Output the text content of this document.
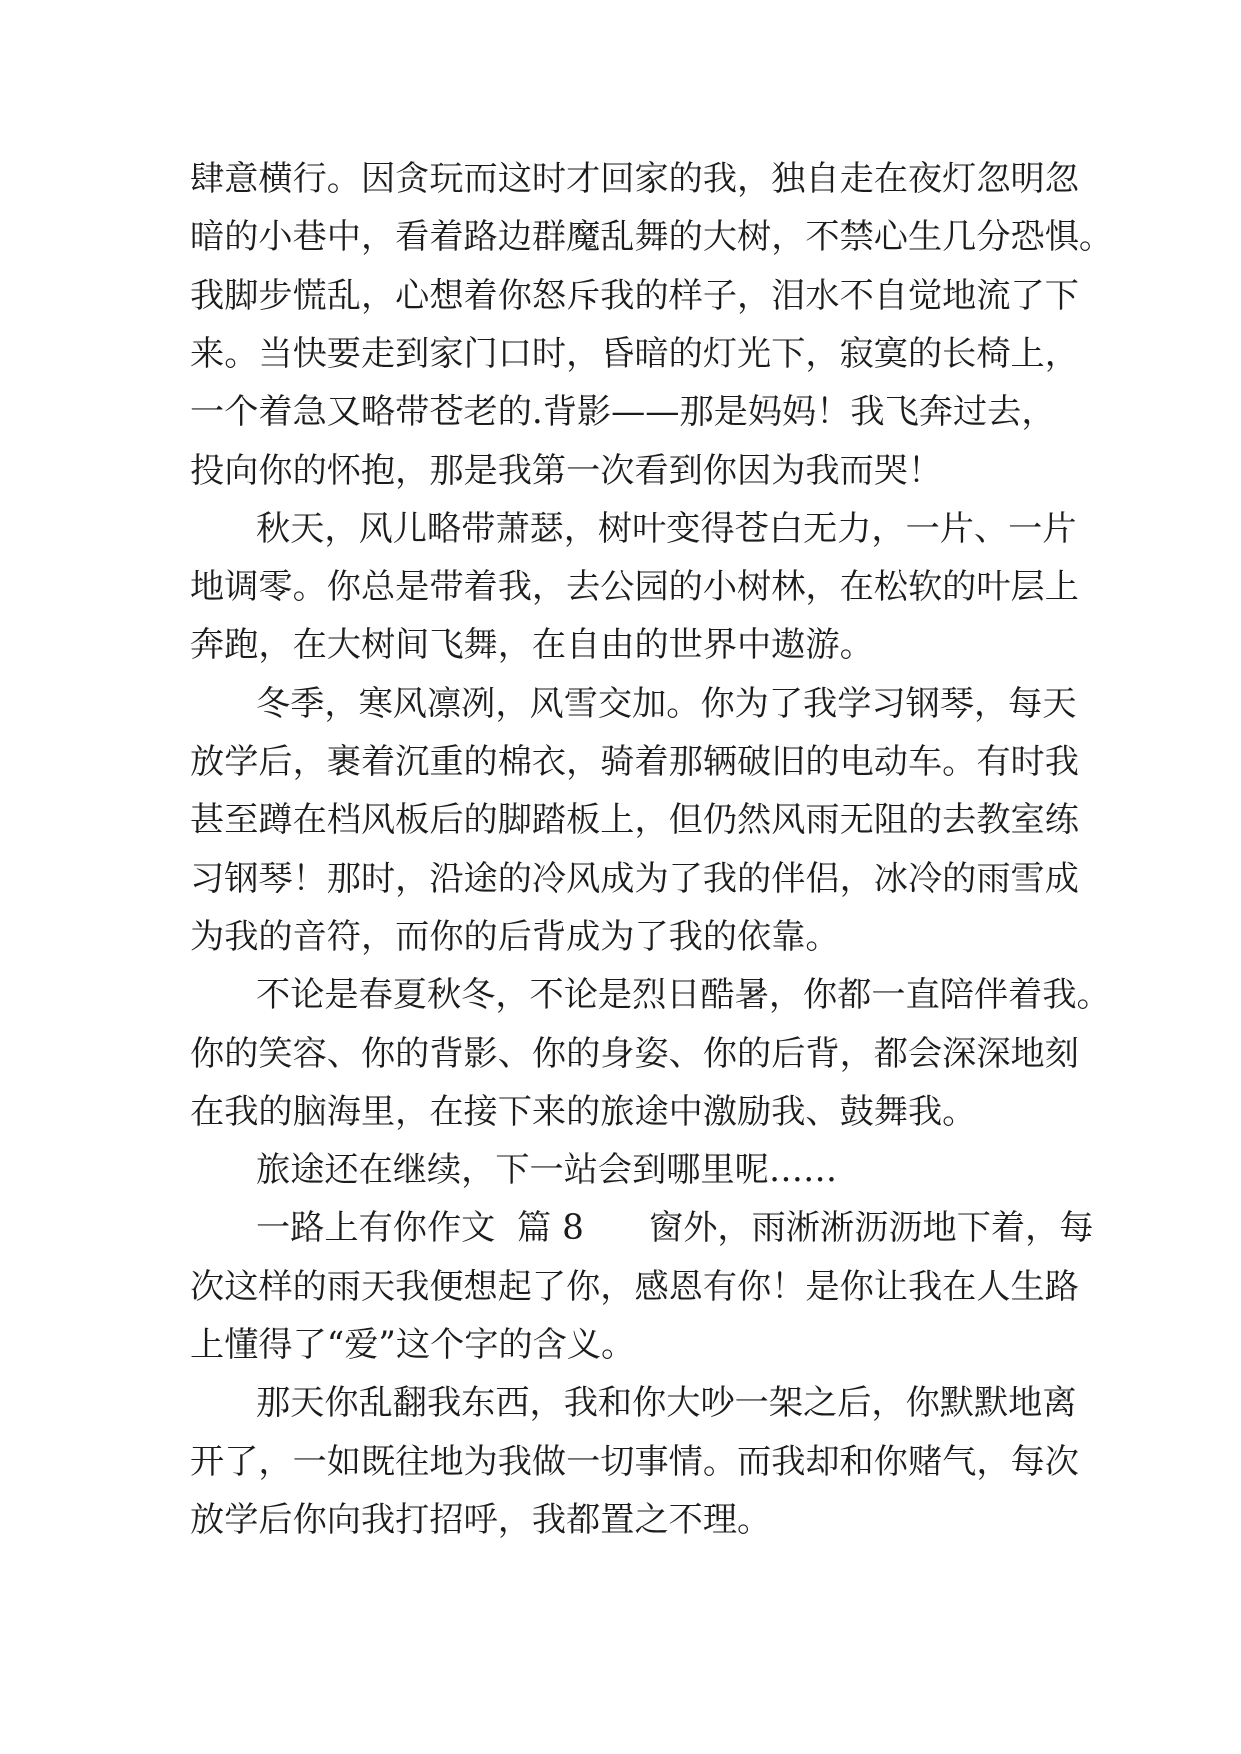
肆意横行。因贪玩而这时才回家的我，独自走在夜灯忽明忽
暗的小巷中，看着路边群魔乱舞的大树，不禁心生几分恐惧。
我脚步慌乱，心想着你怒斥我的样子，泪水不自觉地流了下
来。当快要走到家门口时，昏暗的灯光下，寂寞的长椅上，
一个着急又略带苍老的.背影——那是妈妈！我飞奔过去，
投向你的怀抱，那是我第一次看到你因为我而哭！
秋天，风儿略带萧瑟，树叶变得苍白无力，一片、一片
地调零。你总是带着我，去公园的小树林，在松软的叶层上
奔跑，在大树间飞舞，在自由的世界中遨游。
冬季，寒风凛冽，风雪交加。你为了我学习钢琴，每天
放学后，裹着沉重的棉衣，骑着那辆破旧的电动车。有时我
甚至蹲在档风板后的脚踏板上，但仍然风雨无阻的去教室练
习钢琴！那时，沿途的冷风成为了我的伴侣，冰冷的雨雪成
为我的音符，而你的后背成为了我的依靠。
不论是春夏秋冬，不论是烈日酷暑，你都一直陪伴着我。
你的笑容、你的背影、你的身姿、你的后背，都会深深地刻
在我的脑海里，在接下来的旅途中激励我、鼓舞我。
旅途还在继续，下一站会到哪里呢……
一路上有你作文  篇 8      窗外，雨淅淅沥沥地下着，每
次这样的雨天我便想起了你，感恩有你！是你让我在人生路
上懂得了“爱”这个字的含义。
那天你乱翻我东西，我和你大吵一架之后，你默默地离
开了，一如既往地为我做一切事情。而我却和你赌气，每次
放学后你向我打招呼，我都置之不理。
